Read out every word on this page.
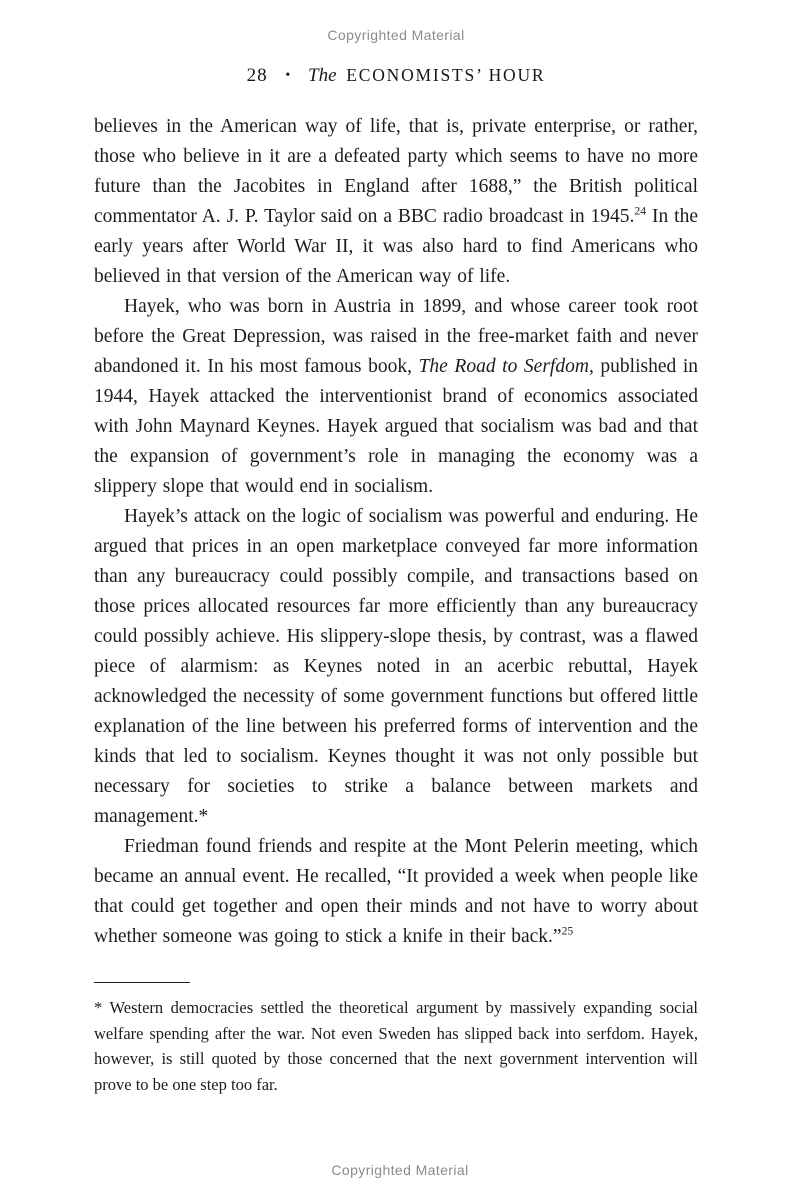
Copyrighted Material
28 • The ECONOMISTS’ HOUR

believes in the American way of life, that is, private enterprise, or rather, those who believe in it are a defeated party which seems to have no more future than the Jacobites in England after 1688,” the British political commentator A. J. P. Taylor said on a BBC radio broadcast in 1945.24 In the early years after World War II, it was also hard to find Americans who believed in that version of the American way of life.

Hayek, who was born in Austria in 1899, and whose career took root before the Great Depression, was raised in the free-market faith and never abandoned it. In his most famous book, The Road to Serfdom, published in 1944, Hayek attacked the interventionist brand of economics associated with John Maynard Keynes. Hayek argued that socialism was bad and that the expansion of government’s role in managing the economy was a slippery slope that would end in socialism.

Hayek’s attack on the logic of socialism was powerful and enduring. He argued that prices in an open marketplace conveyed far more information than any bureaucracy could possibly compile, and transactions based on those prices allocated resources far more efficiently than any bureaucracy could possibly achieve. His slippery-slope thesis, by contrast, was a flawed piece of alarmism: as Keynes noted in an acerbic rebuttal, Hayek acknowledged the necessity of some government functions but offered little explanation of the line between his preferred forms of intervention and the kinds that led to socialism. Keynes thought it was not only possible but necessary for societies to strike a balance between markets and management.*

Friedman found friends and respite at the Mont Pelerin meeting, which became an annual event. He recalled, “It provided a week when people like that could get together and open their minds and not have to worry about whether someone was going to stick a knife in their back.”$^{25}$

* Western democracies settled the theoretical argument by massively expanding social welfare spending after the war. Not even Sweden has slipped back into serfdom. Hayek, however, is still quoted by those concerned that the next government intervention will prove to be one step too far.

Copyrighted Material
